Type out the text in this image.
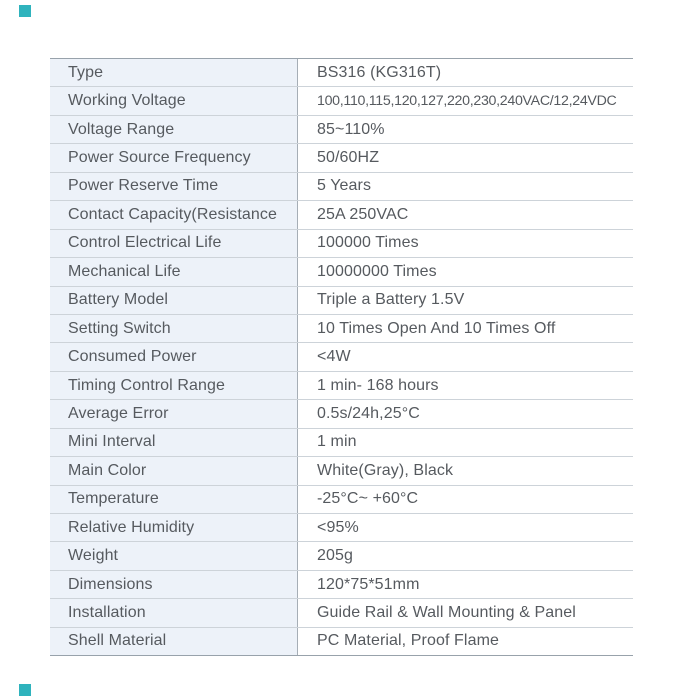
Type	BS316 (KG316T)
Working Voltage	100,110,115,120,127,220,230,240VAC/12,24VDC
Voltage Range	85~110%
Power Source Frequency	50/60HZ
Power Reserve Time	5 Years
Contact Capacity(Resistance	25A 250VAC
Control Electrical Life	100000 Times
Mechanical Life	10000000 Times
Battery Model	Triple a Battery 1.5V
Setting Switch	10 Times Open And 10 Times Off
Consumed Power	<4W
Timing Control Range	1 min- 168 hours
Average Error	0.5s/24h,25°C
Mini Interval	1 min
Main Color	White(Gray), Black
Temperature	-25°C~ +60°C
Relative Humidity	<95%
Weight	205g
Dimensions	120*75*51mm
Installation	Guide Rail & Wall Mounting & Panel
Shell Material	PC Material, Proof Flame
